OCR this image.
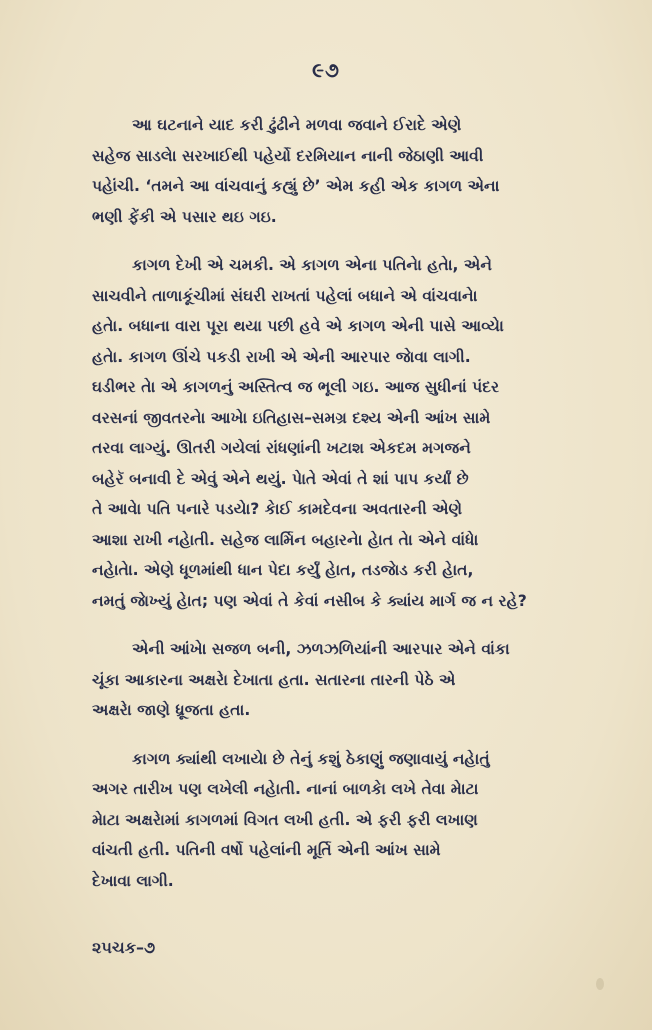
૯૭

આ ઘટનાને યાદ કરી ઢુંઢીને મળવા જવાને ઈરાદે એણે
સહેજ સાડલેા સરખાઈથી પહેર્યો દરમિયાન નાની જેઠાણી આવી
પહેાંચી. ‘તમને આ વાંચવાનું કહ્યું છે’ એમ કહી એક કાગળ એના
ભણી ફેંકી એ પસાર થઇ ગઇ.

કાગળ દેખી એ ચમકી. એ કાગળ એના પતિનેા હતેા, એને
સાચવીને તાળાકૂંચીમાં સંઘરી રાખતાં પહેલાં બધાને એ વાંચવાનેા
હતેા. બધાના વારા પૂરા થયા પછી હવે એ કાગળ એની પાસે આવ્યેા
હતેા. કાગળ ઊંચે પકડી રાખી એ એની આરપાર જેાવા લાગી.
ઘડીભર તેા એ કાગળનું અસ્તિત્વ જ ભૂલી ગઇ. આજ સુધીનાં પંદર
વરસનાં જીવતરનેા આખેા ઇતિહાસ–સમગ્ર દશ્ય એની આંખ સામે
તરવા લાગ્યું. ઊતરી ગયેલાં રાંધણાંની ખટાશ એકદમ મગજને
બહેરૅ બનાવી દે એવું એને થયું. પેાતે એવાં તે શાં પાપ કર્યાં છે
તે આવેા પતિ પનારે પડયેા? કેાઈ કામદેવના અવતારની એણે
આશા રાખી નહેાતી. સહેજ લાર્મિન બહારનેા હેાત તેા એને વાંધેા
નહેાતેા. એણે ધૂળમાંથી ધાન પેદા કર્યું હેાત, તડજેાડ કરી હેાત,
નમતું જેાખ્યું હેાત; પણ એવાં તે કેવાં નસીબ કે ક્યાંય માર્ગ જ ન રહે?

એની આંખેા સજળ બની, ઝળઝળિયાંની આરપાર એને વાંકા
ચૂંકા આકારના અક્ષરેા દેખાતા હતા. સતારના તારની પેઠે એ
અક્ષરેા જાણે ધ્રૂજતા હતા.

કાગળ ક્યાંથી લખાયેા છે તેનું કશું ઠેકાણું જણાવાયું નહેાતું
અગર તારીખ પણ લખેલી નહેાતી. નાનાં બાળકેા લખે તેવા મેાટા
મેાટા અક્ષરેામાં કાગળમાં વિગત લખી હતી. એ ફરી ફરી લખાણ
વાંચતી હતી. પતિની વર્ષો પહેલાંની મૂર્તિ એની આંખ સામે
દેખાવા લાગી.

૨૫ચક–૭
